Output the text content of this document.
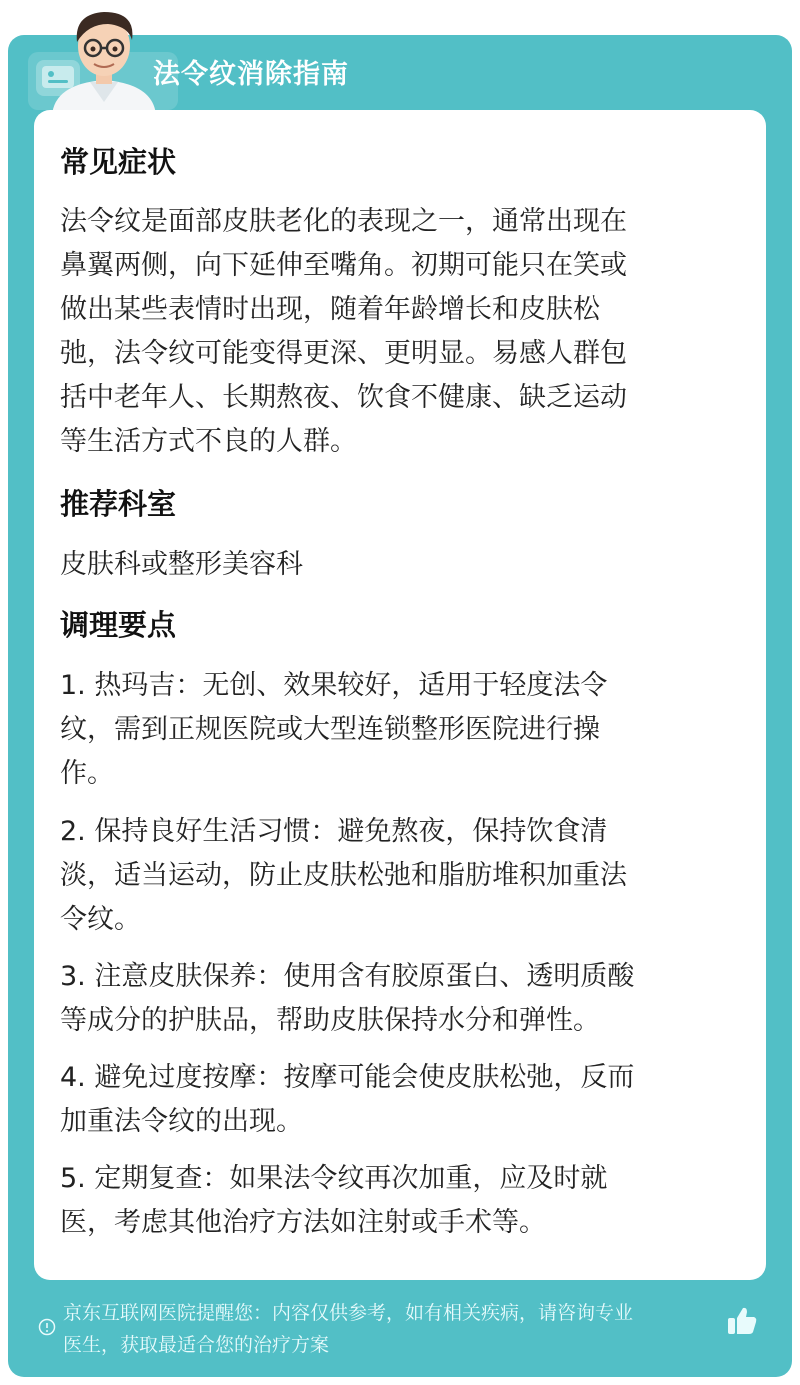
法令纹消除指南
常见症状
法令纹是面部皮肤老化的表现之一，通常出现在
鼻翼两侧，向下延伸至嘴角。初期可能只在笑或
做出某些表情时出现，随着年龄增长和皮肤松
弛，法令纹可能变得更深、更明显。易感人群包
括中老年人、长期熬夜、饮食不健康、缺乏运动
等生活方式不良的人群。
推荐科室
皮肤科或整形美容科
调理要点
1. 热玛吉：无创、效果较好，适用于轻度法令
纹，需到正规医院或大型连锁整形医院进行操
作。
2. 保持良好生活习惯：避免熬夜，保持饮食清
淡，适当运动，防止皮肤松弛和脂肪堆积加重法
令纹。
3. 注意皮肤保养：使用含有胶原蛋白、透明质酸
等成分的护肤品，帮助皮肤保持水分和弹性。
4. 避免过度按摩：按摩可能会使皮肤松弛，反而
加重法令纹的出现。
5. 定期复查：如果法令纹再次加重，应及时就
医，考虑其他治疗方法如注射或手术等。
京东互联网医院提醒您：内容仅供参考，如有相关疾病，请咨询专业
医生，获取最适合您的治疗方案
